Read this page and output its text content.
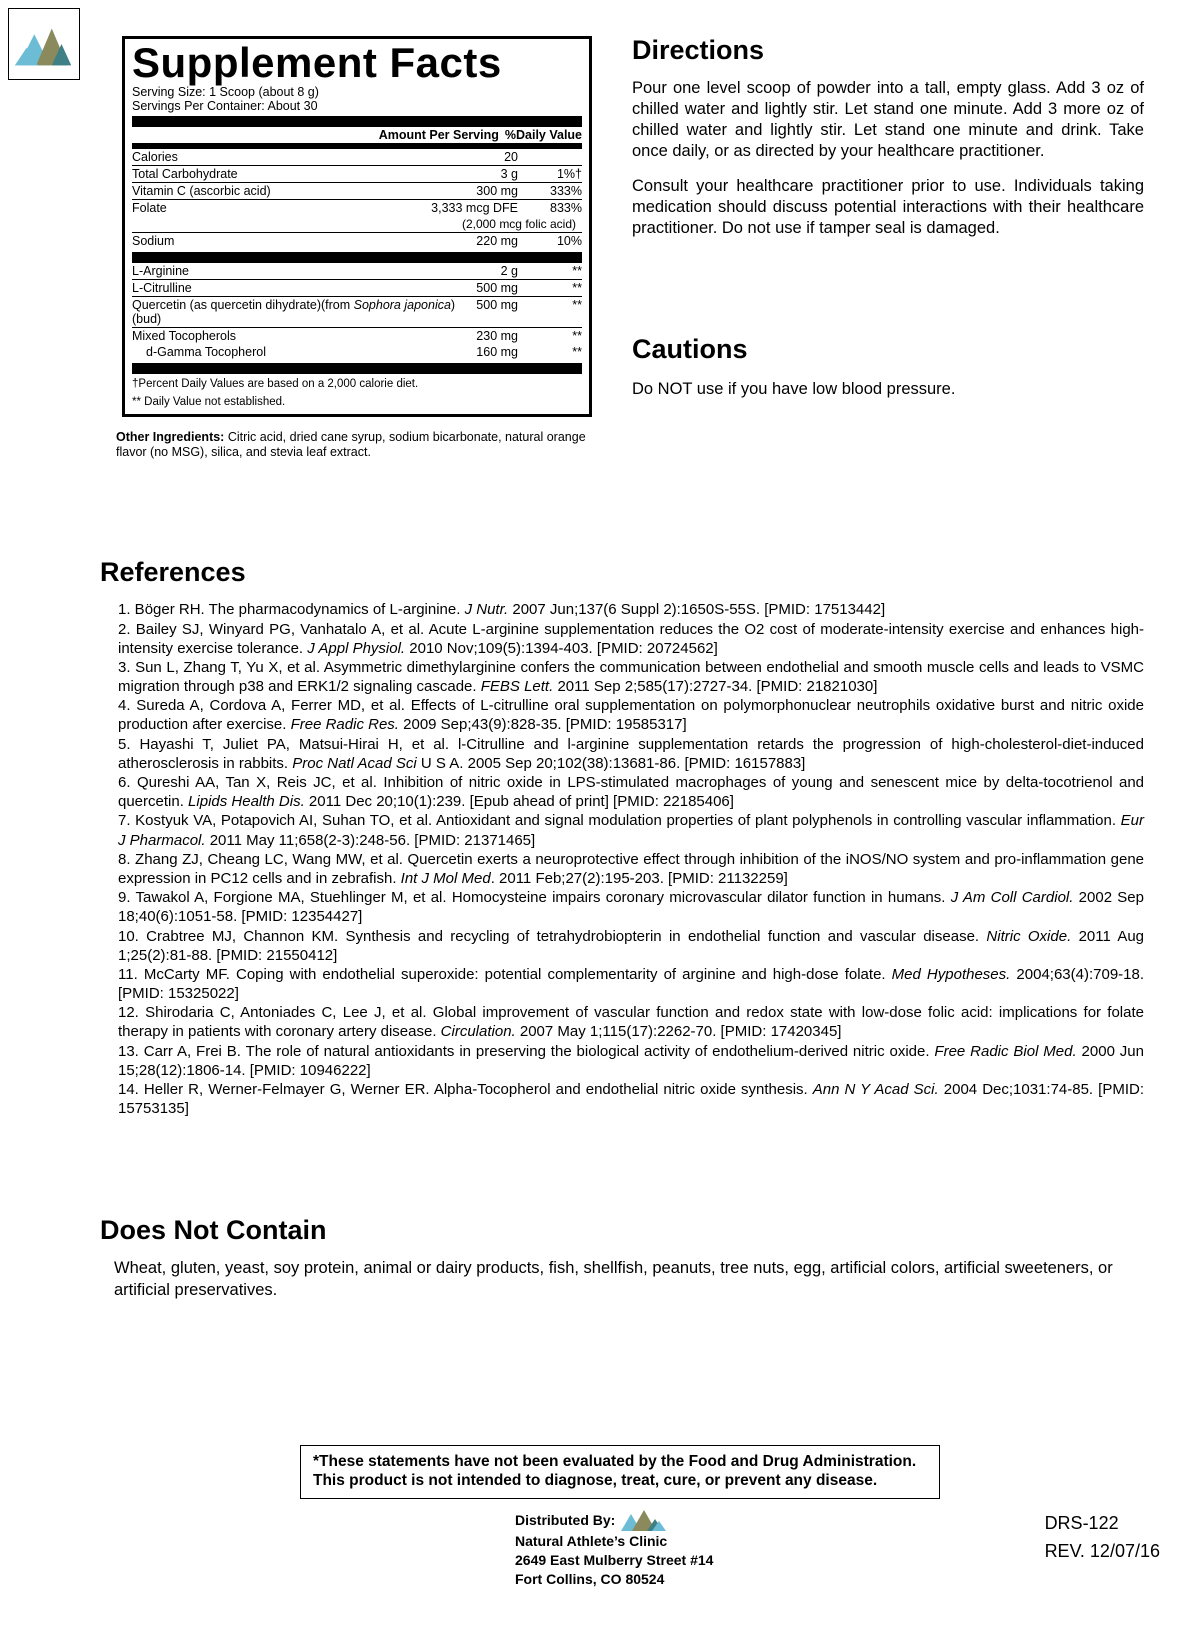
Supplement Facts
Serving Size: 1 Scoop (about 8 g)
Servings Per Container: About 30
	Amount Per Serving	%Daily Value
Calories	20	
Total Carbohydrate	3 g	1%†
Vitamin C (ascorbic acid)	300 mg	333%
Folate	3,333 mcg DFE	833%
	(2,000 mcg folic acid)	
Sodium	220 mg	10%
L-Arginine	2 g	**
L-Citrulline	500 mg	**
Quercetin (as quercetin dihydrate)(from Sophora japonica)(bud)	500 mg	**
Mixed Tocopherols	230 mg	**
d-Gamma Tocopherol	160 mg	**
†Percent Daily Values are based on a 2,000 calorie diet.
** Daily Value not established.
Other Ingredients: Citric acid, dried cane syrup, sodium bicarbonate, natural orange flavor (no MSG), silica, and stevia leaf extract.
Directions

Pour one level scoop of powder into a tall, empty glass. Add 3 oz of chilled water and lightly stir. Let stand one minute. Add 3 more oz of chilled water and lightly stir. Let stand one minute and drink. Take once daily, or as directed by your healthcare practitioner.

Consult your healthcare practitioner prior to use. Individuals taking medication should discuss potential interactions with their healthcare practitioner. Do not use if tamper seal is damaged.

Cautions

Do NOT use if you have low blood pressure.

References

1. Böger RH. The pharmacodynamics of L-arginine. J Nutr. 2007 Jun;137(6 Suppl 2):1650S-55S. [PMID: 17513442]

2. Bailey SJ, Winyard PG, Vanhatalo A, et al. Acute L-arginine supplementation reduces the O2 cost of moderate-intensity exercise and enhances high-intensity exercise tolerance. J Appl Physiol. 2010 Nov;109(5):1394-403. [PMID: 20724562]

3. Sun L, Zhang T, Yu X, et al. Asymmetric dimethylarginine confers the communication between endothelial and smooth muscle cells and leads to VSMC migration through p38 and ERK1/2 signaling cascade. FEBS Lett. 2011 Sep 2;585(17):2727-34. [PMID: 21821030]

4. Sureda A, Cordova A, Ferrer MD, et al. Effects of L-citrulline oral supplementation on polymorphonuclear neutrophils oxidative burst and nitric oxide production after exercise. Free Radic Res. 2009 Sep;43(9):828-35. [PMID: 19585317]

5. Hayashi T, Juliet PA, Matsui-Hirai H, et al. l-Citrulline and l-arginine supplementation retards the progression of high-cholesterol-diet-induced atherosclerosis in rabbits. Proc Natl Acad Sci U S A. 2005 Sep 20;102(38):13681-86. [PMID: 16157883]

6. Qureshi AA, Tan X, Reis JC, et al. Inhibition of nitric oxide in LPS-stimulated macrophages of young and senescent mice by delta-tocotrienol and quercetin. Lipids Health Dis. 2011 Dec 20;10(1):239. [Epub ahead of print] [PMID: 22185406]

7. Kostyuk VA, Potapovich AI, Suhan TO, et al. Antioxidant and signal modulation properties of plant polyphenols in controlling vascular inflammation. Eur J Pharmacol. 2011 May 11;658(2-3):248-56. [PMID: 21371465]

8. Zhang ZJ, Cheang LC, Wang MW, et al. Quercetin exerts a neuroprotective effect through inhibition of the iNOS/NO system and pro-inflammation gene expression in PC12 cells and in zebrafish. Int J Mol Med. 2011 Feb;27(2):195-203. [PMID: 21132259]

9. Tawakol A, Forgione MA, Stuehlinger M, et al. Homocysteine impairs coronary microvascular dilator function in humans. J Am Coll Cardiol. 2002 Sep 18;40(6):1051-58. [PMID: 12354427]

10. Crabtree MJ, Channon KM. Synthesis and recycling of tetrahydrobiopterin in endothelial function and vascular disease. Nitric Oxide. 2011 Aug 1;25(2):81-88. [PMID: 21550412]

11. McCarty MF. Coping with endothelial superoxide: potential complementarity of arginine and high-dose folate. Med Hypotheses. 2004;63(4):709-18. [PMID: 15325022]

12. Shirodaria C, Antoniades C, Lee J, et al. Global improvement of vascular function and redox state with low-dose folic acid: implications for folate therapy in patients with coronary artery disease. Circulation. 2007 May 1;115(17):2262-70. [PMID: 17420345]

13. Carr A, Frei B. The role of natural antioxidants in preserving the biological activity of endothelium-derived nitric oxide. Free Radic Biol Med. 2000 Jun 15;28(12):1806-14. [PMID: 10946222]

14. Heller R, Werner-Felmayer G, Werner ER. Alpha-Tocopherol and endothelial nitric oxide synthesis. Ann N Y Acad Sci. 2004 Dec;1031:74-85. [PMID: 15753135]

Does Not Contain

Wheat, gluten, yeast, soy protein, animal or dairy products, fish, shellfish, peanuts, tree nuts, egg, artificial colors, artificial sweeteners, or artificial preservatives.

*These statements have not been evaluated by the Food and Drug Administration.
This product is not intended to diagnose, treat, cure, or prevent any disease.
Distributed By:
Natural Athlete’s Clinic
2649 East Mulberry Street #14
Fort Collins, CO 80524
DRS-122
REV. 12/07/16
